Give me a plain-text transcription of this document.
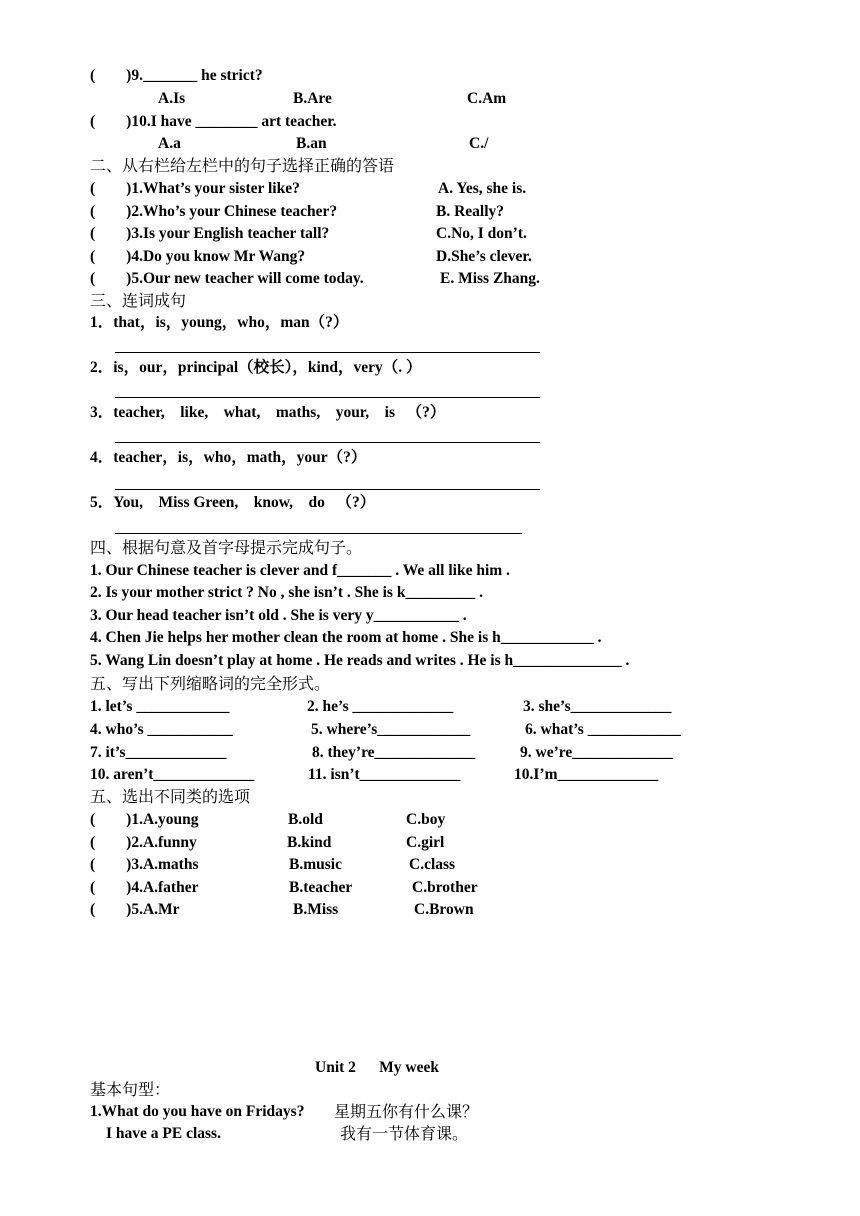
(        )9._______ he strict?
A.Is	B.Are	C.Am
(        )10.I have ________ art teacher.
A.a	B.an	C./
二、从右栏给左栏中的句子选择正确的答语
(        )1.What’s your sister like?	A. Yes, she is.
(        )2.Who’s your Chinese teacher?	B. Really?
(        )3.Is your English teacher tall?	C.No, I don’t.
(        )4.Do you know Mr Wang?	D.She’s clever.
(        )5.Our new teacher will come today.	E. Miss Zhang.
三、连词成句
1．that，is，young，who，man（?）
2．is，our，principal（校长），kind，very（. ）
3．teacher,    like,    what,    maths,    your,    is   （?）
4．teacher，is，who，math，your（?）
5．You,    Miss Green,    know,    do   （?）
四、根据句意及首字母提示完成句子。
1. Our Chinese teacher is clever and f_______ . We all like him .
2. Is your mother strict ? No , she isn’t . She is k_________ .
3. Our head teacher isn’t old . She is very y___________ .
4. Chen Jie helps her mother clean the room at home . She is h____________ .
5. Wang Lin doesn’t play at home . He reads and writes . He is h______________ .
五、写出下列缩略词的完全形式。
1. let’s ____________	2. he’s _____________	3. she’s_____________
4. who’s ___________	5. where’s____________	6. what’s ____________
7. it’s_____________	8. they’re_____________	9. we’re_____________
10. aren’t_____________	11. isn’t_____________	10.I’m_____________
五、选出不同类的选项
(        )1.A.young	B.old	C.boy
(        )2.A.funny	B.kind	C.girl
(        )3.A.maths	B.music	C.class
(        )4.A.father	B.teacher	C.brother
(        )5.A.Mr	B.Miss	C.Brown
Unit 2      My week
基本句型：
1.What do you have on Fridays? 星期五你有什么课？
I have a PE class.	我有一节体育课。
